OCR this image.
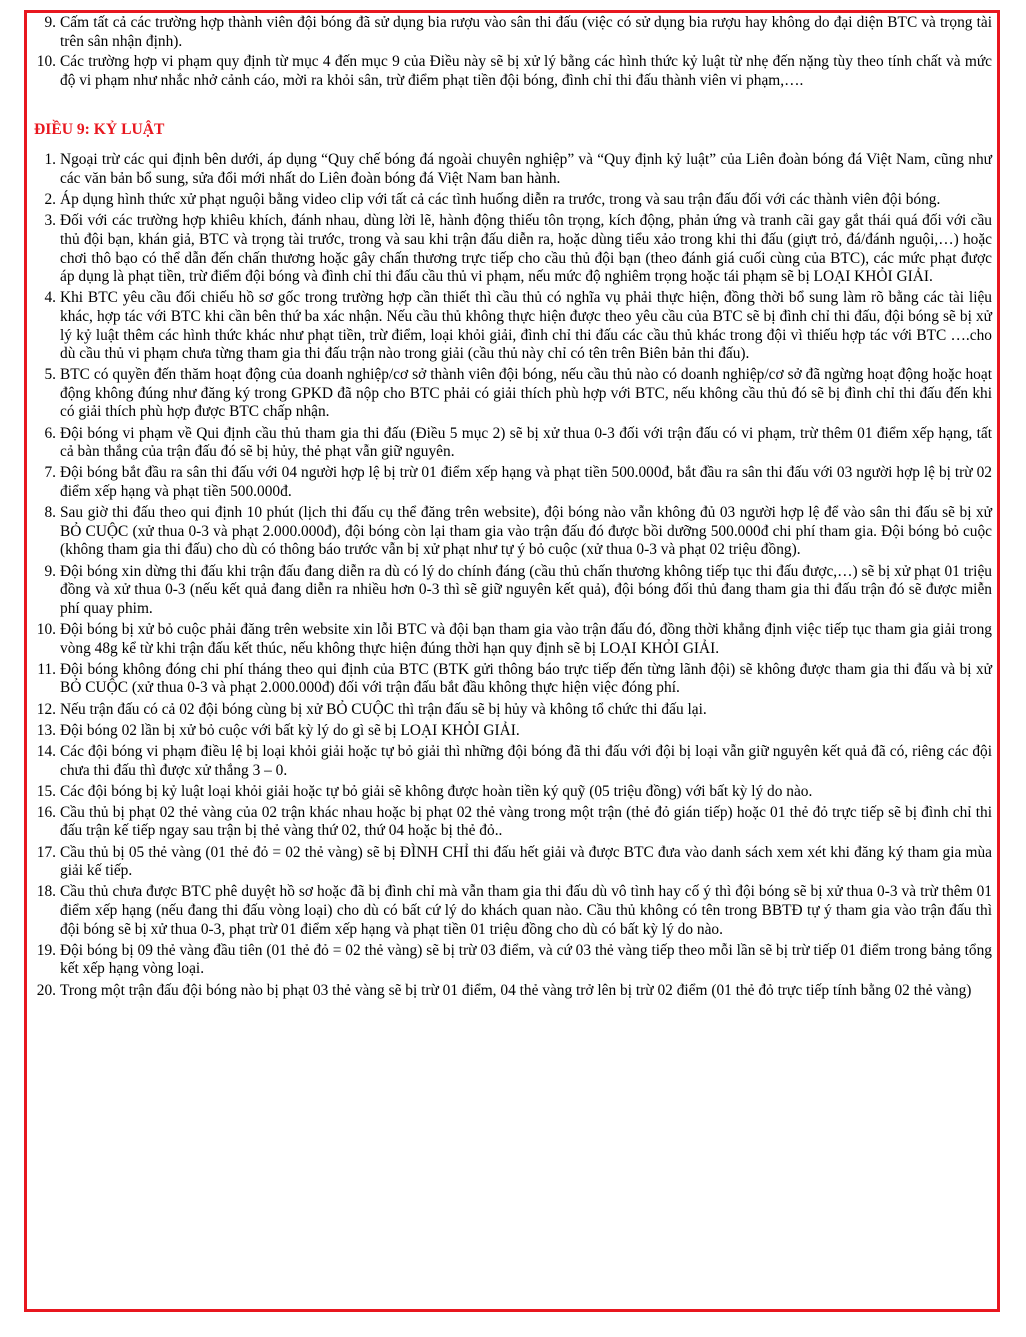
9. Cấm tất cả các trường hợp thành viên đội bóng đã sử dụng bia rượu vào sân thi đấu (việc có sử dụng bia rượu hay không do đại diện BTC và trọng tài trên sân nhận định).
10. Các trường hợp vi phạm quy định từ mục 4 đến mục 9 của Điều này sẽ bị xử lý bằng các hình thức kỷ luật từ nhẹ đến nặng tùy theo tính chất và mức độ vi phạm như nhắc nhở cảnh cáo, mời ra khỏi sân, trừ điểm phạt tiền đội bóng, đình chỉ thi đấu thành viên vi phạm,….
ĐIỀU 9: KỶ LUẬT
1. Ngoại trừ các qui định bên dưới, áp dụng “Quy chế bóng đá ngoài chuyên nghiệp” và “Quy định kỷ luật” của Liên đoàn bóng đá Việt Nam, cũng như các văn bản bổ sung, sửa đổi mới nhất do Liên đoàn bóng đá Việt Nam ban hành.
2. Áp dụng hình thức xử phạt nguội bằng video clip với tất cả các tình huống diễn ra trước, trong và sau trận đấu đối với các thành viên đội bóng.
3. Đối với các trường hợp khiêu khích, đánh nhau, dùng lời lẽ, hành động thiếu tôn trọng, kích động, phản ứng và tranh cãi gay gắt thái quá đối với cầu thủ đội bạn, khán giả, BTC và trọng tài trước, trong và sau khi trận đấu diễn ra, hoặc dùng tiểu xảo trong khi thi đấu (giựt trỏ, đá/đánh nguội,…) hoặc chơi thô bạo có thể dẫn đến chấn thương hoặc gây chấn thương trực tiếp cho cầu thủ đội bạn (theo đánh giá cuối cùng của BTC), các mức phạt được áp dụng là phạt tiền, trừ điểm đội bóng và đình chỉ thi đấu cầu thủ vi phạm, nếu mức độ nghiêm trọng hoặc tái phạm sẽ bị LOẠI KHỎI GIẢI.
4. Khi BTC yêu cầu đối chiếu hồ sơ gốc trong trường hợp cần thiết thì cầu thủ có nghĩa vụ phải thực hiện, đồng thời bổ sung làm rõ bằng các tài liệu khác, hợp tác với BTC khi cần bên thứ ba xác nhận. Nếu cầu thủ không thực hiện được theo yêu cầu của BTC sẽ bị đình chỉ thi đấu, đội bóng sẽ bị xử lý kỷ luật thêm các hình thức khác như phạt tiền, trừ điểm, loại khỏi giải, đình chỉ thi đấu các cầu thủ khác trong đội vì thiếu hợp tác với BTC ….cho dù cầu thủ vi phạm chưa từng tham gia thi đấu trận nào trong giải (cầu thủ này chỉ có tên trên Biên bản thi đấu).
5. BTC có quyền đến thăm hoạt động của doanh nghiệp/cơ sở thành viên đội bóng, nếu cầu thủ nào có doanh nghiệp/cơ sở đã ngừng hoạt động hoặc hoạt động không đúng như đăng ký trong GPKD đã nộp cho BTC phải có giải thích phù hợp với BTC, nếu không cầu thủ đó sẽ bị đình chỉ thi đấu đến khi có giải thích phù hợp được BTC chấp nhận.
6. Đội bóng vi phạm về Qui định cầu thủ tham gia thi đấu (Điều 5 mục 2) sẽ bị xử thua 0-3 đối với trận đấu có vi phạm, trừ thêm 01 điểm xếp hạng, tất cả bàn thắng của trận đấu đó sẽ bị hủy, thẻ phạt vẫn giữ nguyên.
7. Đội bóng bắt đầu ra sân thi đấu với 04 người hợp lệ bị trừ 01 điểm xếp hạng và phạt tiền 500.000đ, bắt đầu ra sân thi đấu với 03 người hợp lệ bị trừ 02 điểm xếp hạng và phạt tiền 500.000đ.
8. Sau giờ thi đấu theo qui định 10 phút (lịch thi đấu cụ thể đăng trên website), đội bóng nào vẫn không đủ 03 người hợp lệ để vào sân thi đấu sẽ bị xử BỎ CUỘC (xử thua 0-3 và phạt 2.000.000đ), đội bóng còn lại tham gia vào trận đấu đó được bồi dưỡng 500.000đ chi phí tham gia. Đội bóng bỏ cuộc (không tham gia thi đấu) cho dù có thông báo trước vẫn bị xử phạt như tự ý bỏ cuộc (xử thua 0-3 và phạt 02 triệu đồng).
9. Đội bóng xin dừng thi đấu khi trận đấu đang diễn ra dù có lý do chính đáng (cầu thủ chấn thương không tiếp tục thi đấu được,…) sẽ bị xử phạt 01 triệu đồng và xử thua 0-3 (nếu kết quả đang diễn ra nhiều hơn 0-3 thì sẽ giữ nguyên kết quả), đội bóng đối thủ đang tham gia thi đấu trận đó sẽ được miễn phí quay phim.
10. Đội bóng bị xử bỏ cuộc phải đăng trên website xin lỗi BTC và đội bạn tham gia vào trận đấu đó, đồng thời khẳng định việc tiếp tục tham gia giải trong vòng 48g kể từ khi trận đấu kết thúc, nếu không thực hiện đúng thời hạn quy định sẽ bị LOẠI KHỎI GIẢI.
11. Đội bóng không đóng chi phí tháng theo qui định của BTC (BTK gửi thông báo trực tiếp đến từng lãnh đội) sẽ không được tham gia thi đấu và bị xử BỎ CUỘC (xử thua 0-3 và phạt 2.000.000đ) đối với trận đấu bắt đầu không thực hiện việc đóng phí.
12. Nếu trận đấu có cả 02 đội bóng cùng bị xử BỎ CUỘC thì trận đấu sẽ bị hủy và không tổ chức thi đấu lại.
13. Đội bóng 02 lần bị xử bỏ cuộc với bất kỳ lý do gì sẽ bị LOẠI KHỎI GIẢI.
14. Các đội bóng vi phạm điều lệ bị loại khỏi giải hoặc tự bỏ giải thì những đội bóng đã thi đấu với đội bị loại vẫn giữ nguyên kết quả đã có, riêng các đội chưa thi đấu thì được xử thắng 3 – 0.
15. Các đội bóng bị kỷ luật loại khỏi giải hoặc tự bỏ giải sẽ không được hoàn tiền ký quỹ (05 triệu đồng) với bất kỳ lý do nào.
16. Cầu thủ bị phạt 02 thẻ vàng của 02 trận khác nhau hoặc bị phạt 02 thẻ vàng trong một trận (thẻ đỏ gián tiếp) hoặc 01 thẻ đỏ trực tiếp sẽ bị đình chỉ thi đấu trận kế tiếp ngay sau trận bị thẻ vàng thứ 02, thứ 04 hoặc bị thẻ đỏ..
17. Cầu thủ bị 05 thẻ vàng (01 thẻ đỏ = 02 thẻ vàng) sẽ bị ĐÌNH CHỈ thi đấu hết giải và được BTC đưa vào danh sách xem xét khi đăng ký tham gia mùa giải kế tiếp.
18. Cầu thủ chưa được BTC phê duyệt hồ sơ hoặc đã bị đình chỉ mà vẫn tham gia thi đấu dù vô tình hay cố ý thì đội bóng sẽ bị xử thua 0-3 và trừ thêm 01 điểm xếp hạng (nếu đang thi đấu vòng loại) cho dù có bất cứ lý do khách quan nào. Cầu thủ không có tên trong BBTĐ tự ý tham gia vào trận đấu thì đội bóng sẽ bị xử thua 0-3, phạt trừ 01 điểm xếp hạng và phạt tiền 01 triệu đồng cho dù có bất kỳ lý do nào.
19. Đội bóng bị 09 thẻ vàng đầu tiên (01 thẻ đỏ = 02 thẻ vàng) sẽ bị trừ 03 điểm, và cứ 03 thẻ vàng tiếp theo mỗi lần sẽ bị trừ tiếp 01 điểm trong bảng tổng kết xếp hạng vòng loại.
20. Trong một trận đấu đội bóng nào bị phạt 03 thẻ vàng sẽ bị trừ 01 điểm, 04 thẻ vàng trở lên bị trừ 02 điểm (01 thẻ đỏ trực tiếp tính bằng 02 thẻ vàng)
